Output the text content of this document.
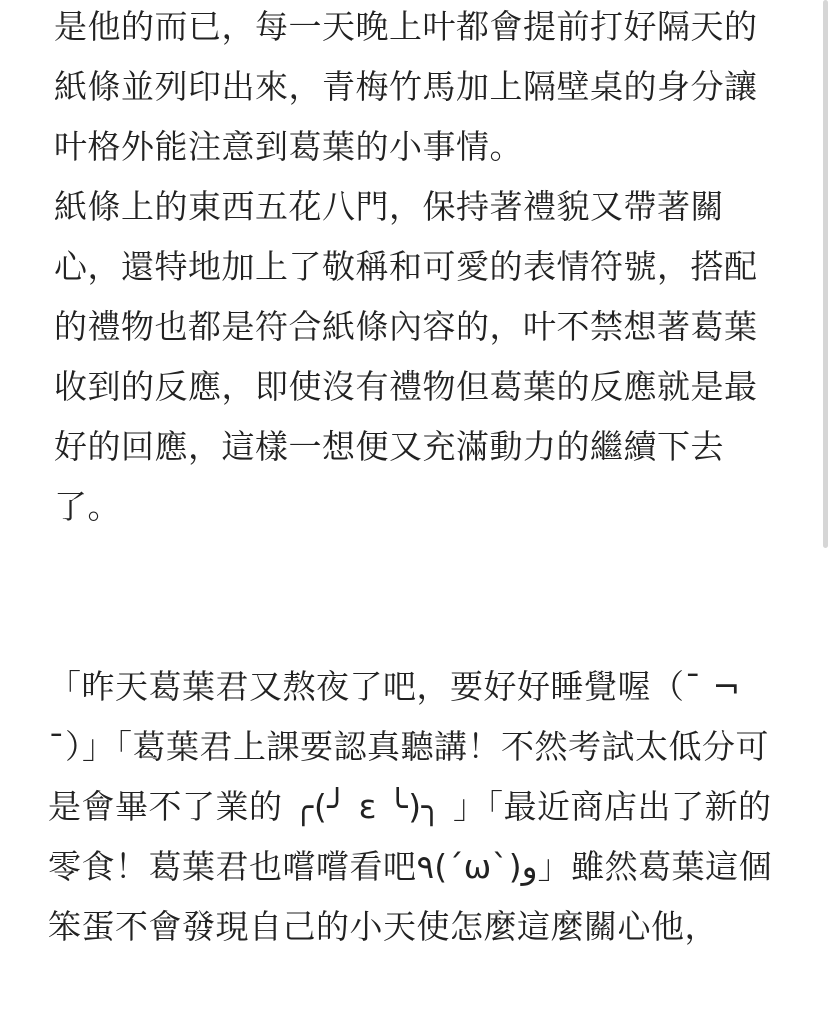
是他的而已，每一天晚上叶都會提前打好隔天的紙條並列印出來，青梅竹馬加上隔壁桌的身分讓叶格外能注意到葛葉的小事情。

紙條上的東西五花八門，保持著禮貌又帶著關心，還特地加上了敬稱和可愛的表情符號，搭配的禮物也都是符合紙條內容的，叶不禁想著葛葉收到的反應，即使沒有禮物但葛葉的反應就是最好的回應，這樣一想便又充滿動力的繼續下去了。

「昨天葛葉君又熬夜了吧，要好好睡覺喔（¯ ¬¯）」「葛葉君上課要認真聽講！不然考試太低分可是會畢不了業的 ╭(╯ ε ╰)╮ 」「最近商店出了新的零食！葛葉君也嚐嚐看吧٩(ˊωˋ)و」雖然葛葉這個笨蛋不會發現自己的小天使怎麼這麼關心他，
